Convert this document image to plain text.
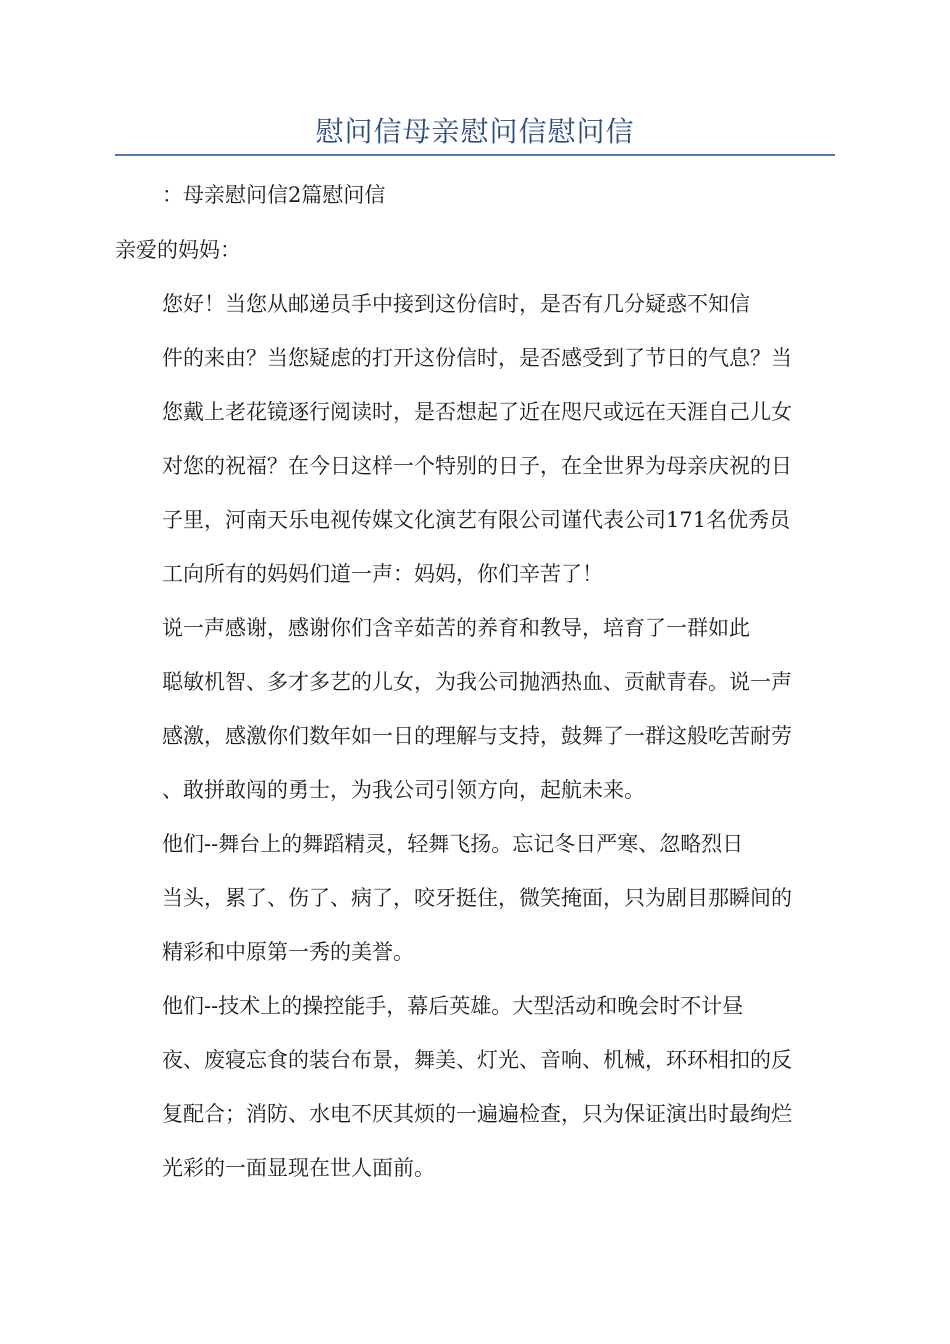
慰问信母亲慰问信慰问信

：母亲慰问信2篇慰问信

亲爱的妈妈：

您好！当您从邮递员手中接到这份信时，是否有几分疑惑不知信

件的来由？当您疑虑的打开这份信时，是否感受到了节日的气息？当

您戴上老花镜逐行阅读时，是否想起了近在咫尺或远在天涯自己儿女

对您的祝福？在今日这样一个特别的日子，在全世界为母亲庆祝的日

子里，河南天乐电视传媒文化演艺有限公司谨代表公司171名优秀员

工向所有的妈妈们道一声：妈妈，你们辛苦了！

说一声感谢，感谢你们含辛茹苦的养育和教导，培育了一群如此

聪敏机智、多才多艺的儿女，为我公司抛洒热血、贡献青春。说一声

感激，感激你们数年如一日的理解与支持，鼓舞了一群这般吃苦耐劳

、敢拼敢闯的勇士，为我公司引领方向，起航未来。

他们--舞台上的舞蹈精灵，轻舞飞扬。忘记冬日严寒、忽略烈日

当头，累了、伤了、病了，咬牙挺住，微笑掩面，只为剧目那瞬间的

精彩和中原第一秀的美誉。

他们--技术上的操控能手，幕后英雄。大型活动和晚会时不计昼

夜、废寝忘食的装台布景，舞美、灯光、音响、机械，环环相扣的反

复配合；消防、水电不厌其烦的一遍遍检查，只为保证演出时最绚烂

光彩的一面显现在世人面前。
